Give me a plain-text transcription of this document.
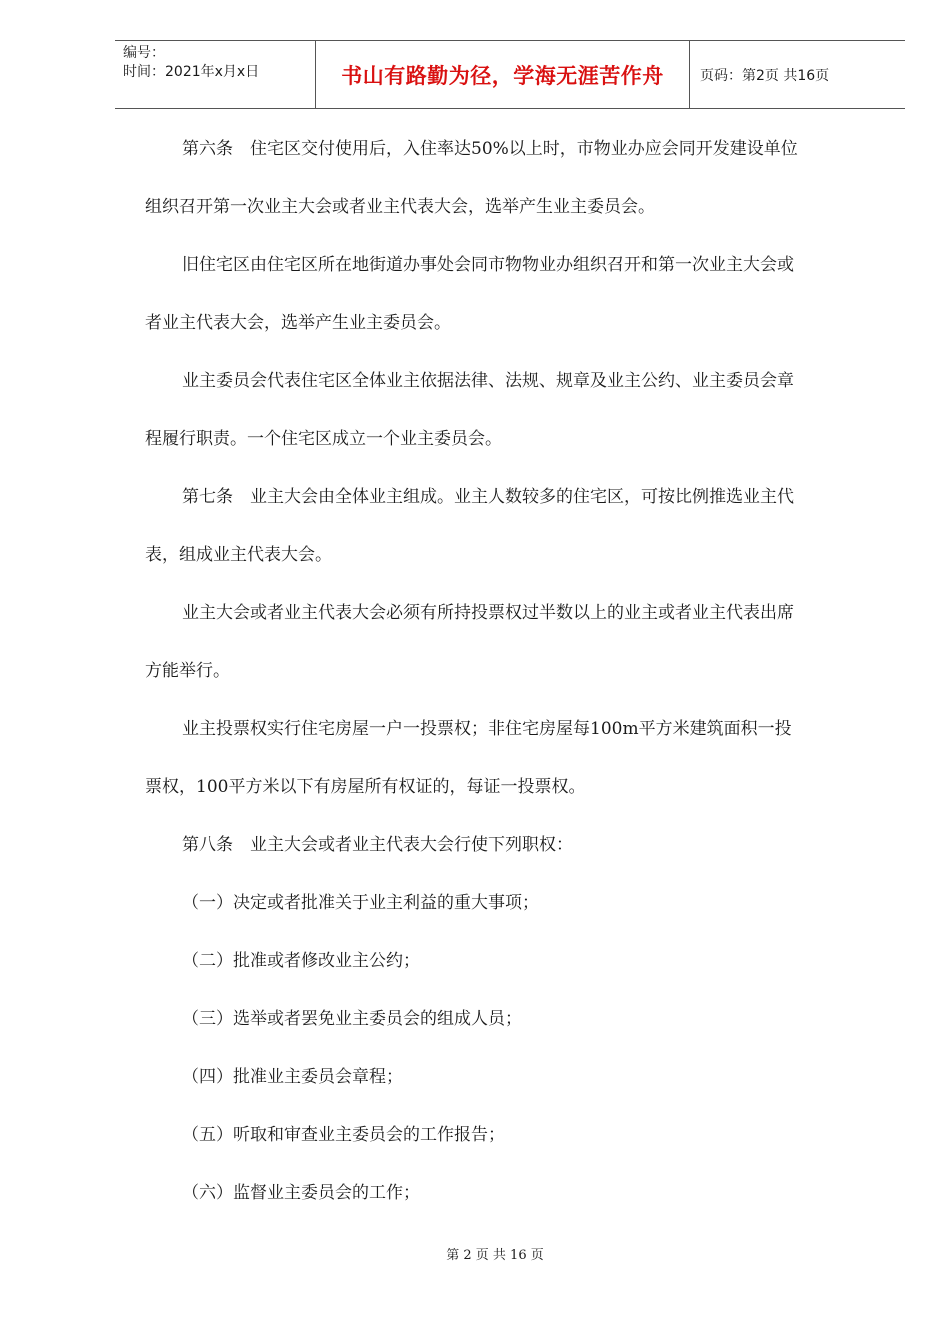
编号：
时间：2021年x月x日	书山有路勤为径，学海无涯苦作舟	页码：第2页 共16页

第六条　住宅区交付使用后，入住率达50%以上时，市物业办应会同开发建设单位

组织召开第一次业主大会或者业主代表大会，选举产生业主委员会。

旧住宅区由住宅区所在地街道办事处会同市物物业办组织召开和第一次业主大会或

者业主代表大会，选举产生业主委员会。

业主委员会代表住宅区全体业主依据法律、法规、规章及业主公约、业主委员会章

程履行职责。一个住宅区成立一个业主委员会。

第七条　业主大会由全体业主组成。业主人数较多的住宅区，可按比例推选业主代

表，组成业主代表大会。

业主大会或者业主代表大会必须有所持投票权过半数以上的业主或者业主代表出席

方能举行。

业主投票权实行住宅房屋一户一投票权；非住宅房屋每100m平方米建筑面积一投

票权，100平方米以下有房屋所有权证的，每证一投票权。

第八条　业主大会或者业主代表大会行使下列职权：

（一）决定或者批准关于业主利益的重大事项；

（二）批准或者修改业主公约；

（三）选举或者罢免业主委员会的组成人员；

（四）批准业主委员会章程；

（五）听取和审查业主委员会的工作报告；

（六）监督业主委员会的工作；

第 2 页 共 16 页
